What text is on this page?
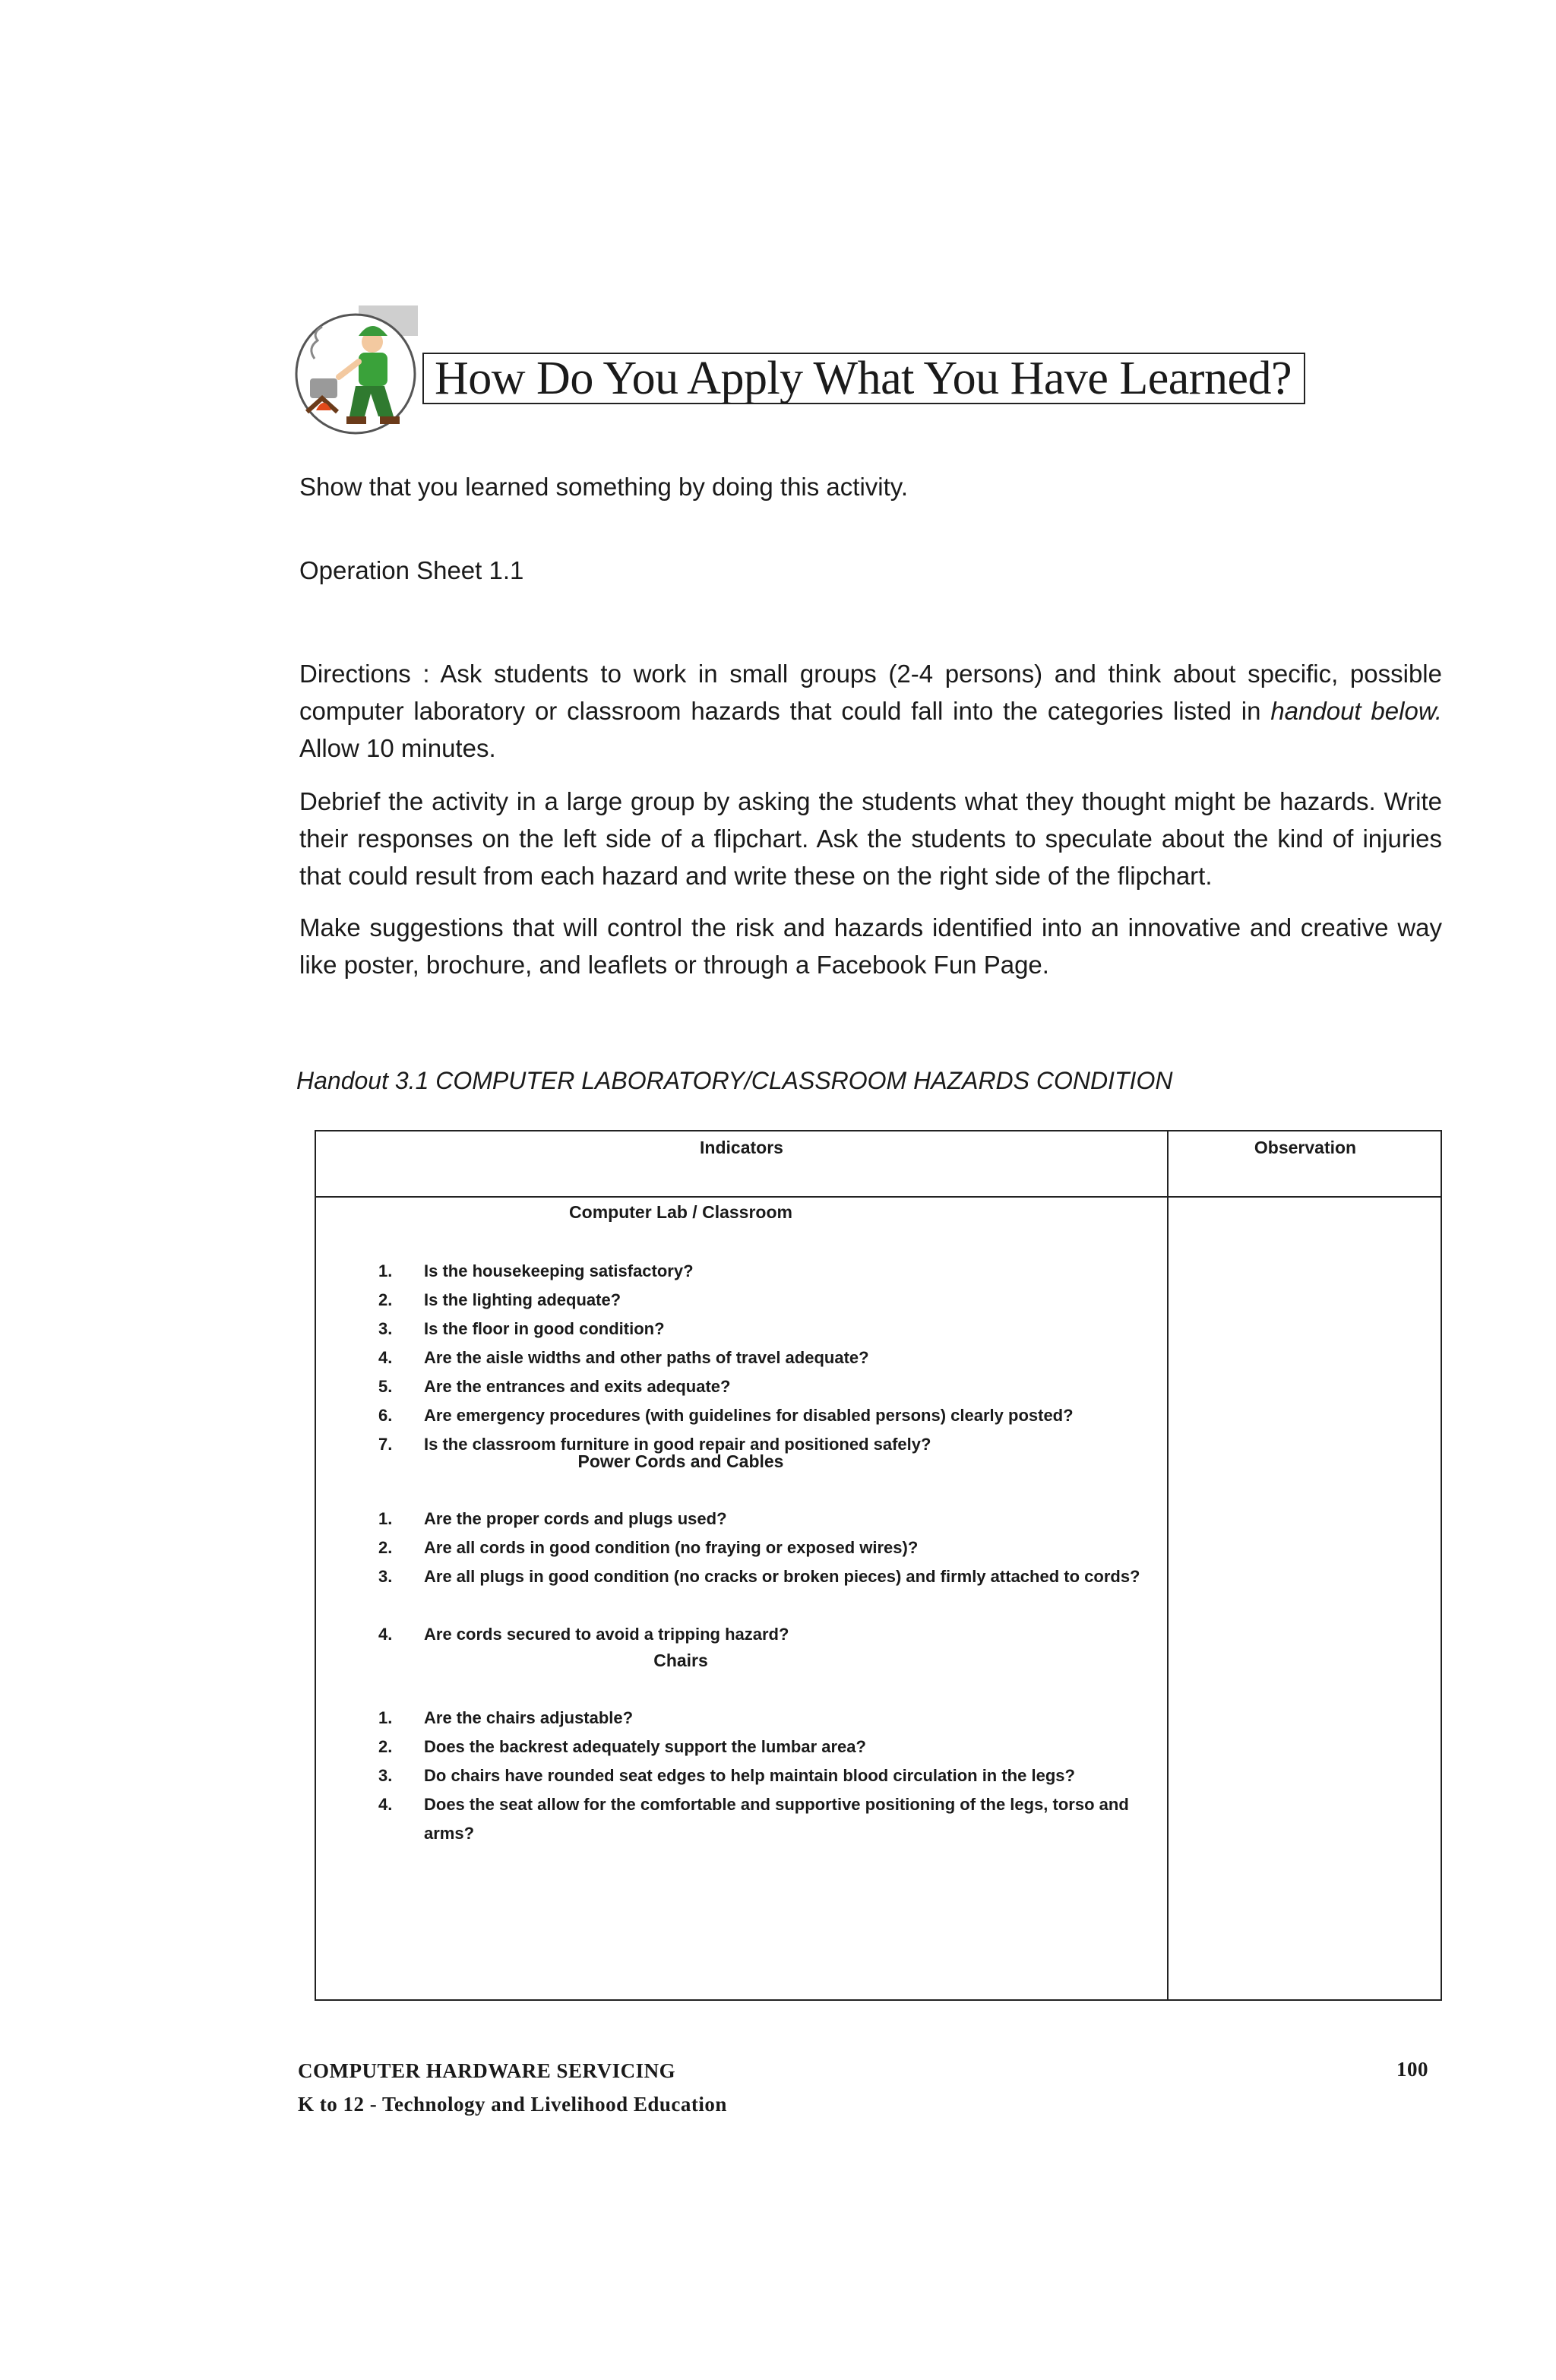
How Do You Apply What You Have Learned?
Show that you learned something by doing this activity.
Operation Sheet 1.1
Directions : Ask students to work in small groups (2-4 persons) and think about specific, possible computer laboratory or classroom hazards that could fall into the categories listed in handout below. Allow 10 minutes.
Debrief the activity in a large group by asking the students what they thought might be hazards. Write their responses on the left side of a flipchart. Ask the students to speculate about the kind of injuries that could result from each hazard and write these on the right side of the flipchart.
Make suggestions that will control the risk and hazards identified into an innovative and creative way like poster, brochure, and leaflets or through a Facebook Fun Page.
Handout 3.1 COMPUTER LABORATORY/CLASSROOM HAZARDS CONDITION
Indicators	Observation
Computer Lab / Classroom
1.	Is the housekeeping satisfactory?
2.	Is the lighting adequate?
3.	Is the floor in good condition?
4.	Are the aisle widths and other paths of travel adequate?
5.	Are the entrances and exits adequate?
6.	Are emergency procedures (with guidelines for disabled persons) clearly posted?
7.	Is the classroom furniture in good repair and positioned safely?
Power Cords and Cables
1.	Are the proper cords and plugs used?
2.	Are all cords in good condition (no fraying or exposed wires)?
3.	Are all plugs in good condition (no cracks or broken pieces) and firmly attached to cords?
4.	Are cords secured to avoid a tripping hazard?
Chairs
1.	Are the chairs adjustable?
2.	Does the backrest adequately support the lumbar area?
3.	Do chairs have rounded seat edges to help maintain blood circulation in the legs?
4.	Does the seat allow for the comfortable and supportive positioning of the legs, torso and arms?
COMPUTER HARDWARE SERVICING
K to 12 - Technology and Livelihood Education
100
